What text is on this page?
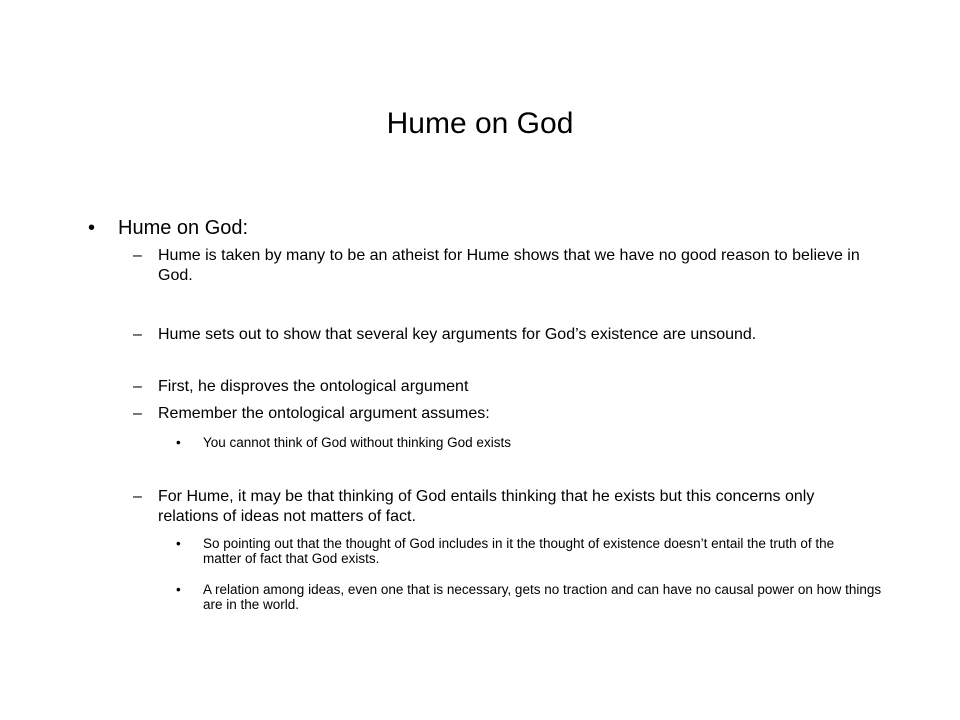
Hume on God
•	Hume on God:
–	Hume is taken by many to be an atheist for Hume shows that we have no good reason to believe in God.
–	Hume sets out to show that several key arguments for God’s existence are unsound.
–	First, he disproves the ontological argument
–	Remember the ontological argument assumes:
•	You cannot think of God without thinking God exists
–	For Hume, it may be that thinking of God entails thinking that he exists but this concerns only relations of ideas not matters of fact.
•	So pointing out that the thought of God includes in it the thought of existence doesn’t entail the truth of the matter of fact that God exists.
•	A relation among ideas, even one that is necessary, gets no traction and can have no causal power on how things are in the world.
